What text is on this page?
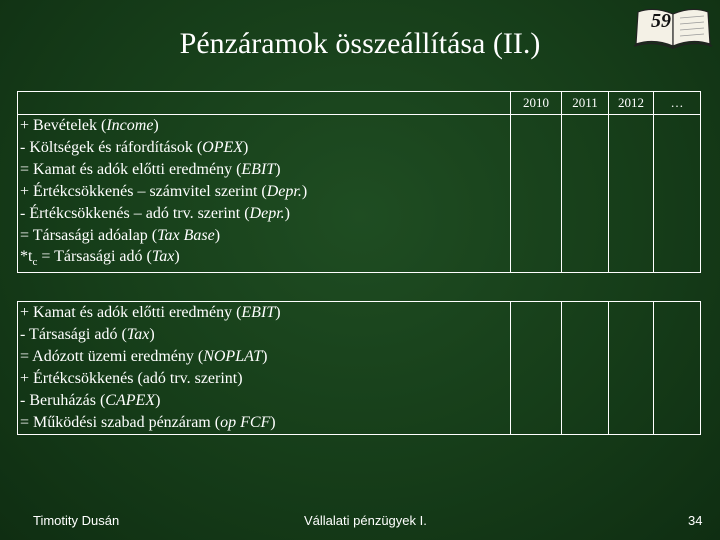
Pénzáramok összeállítása (II.)
59
	2010	2011	2012	…
+ Bevételek (Income)				
- Költségek és ráfordítások (OPEX)				
= Kamat és adók előtti eredmény (EBIT)				
+ Értékcsökkenés – számvitel szerint (Depr.)				
- Értékcsökkenés – adó trv. szerint (Depr.)				
= Társasági adóalap (Tax Base)				
$*t_c$ = Társasági adó (Tax)				

+ Kamat és adók előtti eredmény (EBIT)				
- Társasági adó (Tax)				
= Adózott üzemi eredmény (NOPLAT)				
+ Értékcsökkenés (adó trv. szerint)				
- Beruházás (CAPEX)				
= Működési szabad pénzáram (op FCF)				
Timotity Dusán	Vállalati pénzügyek I.	34
